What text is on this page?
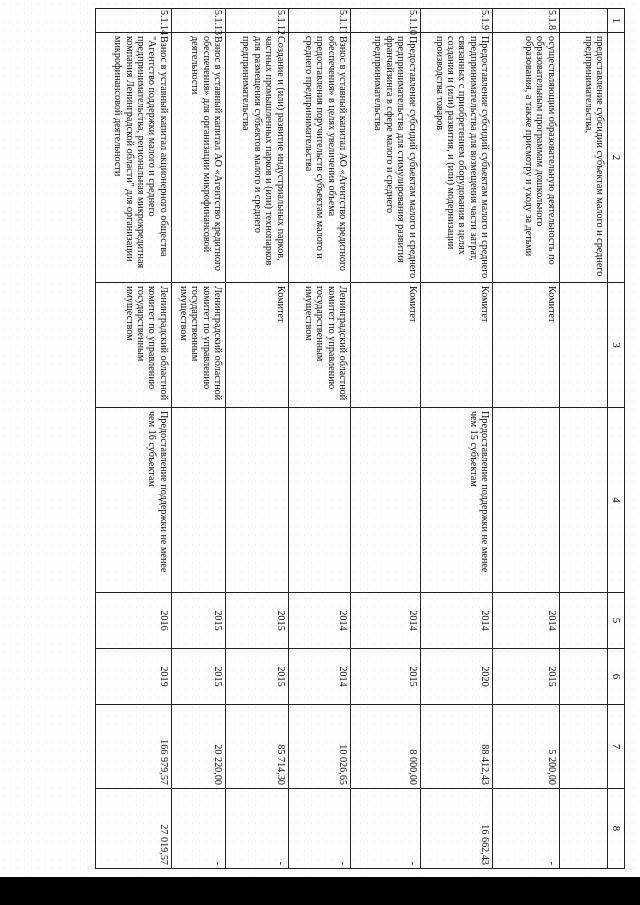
1	2	3	4	5	6	7	8
	предоставление субсидии субъектам малого и среднего предпринимательства,						
5.1.8	осуществляющим образовательную деятельность по образовательным программам дошкольного образования, а также присмотру и уходу за детьми	Комитет		2014	2015	5 200,00	-
5.1.9	Предоставление субсидий субъектам малого и среднего предпринимательства для возмещения части затрат, связанных с приобретением оборудования в целях создания и (или) развития, и (или) модернизации производства товаров	Комитет	Предоставление поддержки не менее чем 15 субъектам	2014	2020	88 412,43	16 662,43
5.1.10	Предоставление субсидий субъектам малого и среднего предпринимательства для стимулирования развития франчайзинга в сфере малого и среднего предпринимательства	Комитет		2014	2015	8 000,00	-
5.1.11	Взнос в уставный капитал АО «Агентство кредитного обеспечения» в целях увеличения объема предоставления поручительств субъектам малого и среднего предпринимательства	Ленинградский областной комитет по управлению государственным имуществом		2014	2014	10 026,65	-
5.1.12	Создание и (или) развитие индустриальных парков, частных промышленных парков и (или) технопарков для размещения субъектов малого и среднего предпринимательства	Комитет		2015	2015	85 714,30	-
5.1.13	Взнос в уставный капитал АО «Агентство кредитного обеспечения» для организации микрофинансовой деятельности	Ленинградский областной комитет по управлению государственным имуществом		2015	2015	20 220,00	-
5.1.14	Взнос в уставный капитал акционерного общества "Агентство поддержки малого и среднего предпринимательства, региональная микрокредитная компания Ленинградской области" для организации микрофинансовой деятельности	Ленинградский областной комитет по управлению государственным имуществом	Предоставление поддержки не менее чем 16 субъектам	2016	2019	166 979,57	27 019,57
